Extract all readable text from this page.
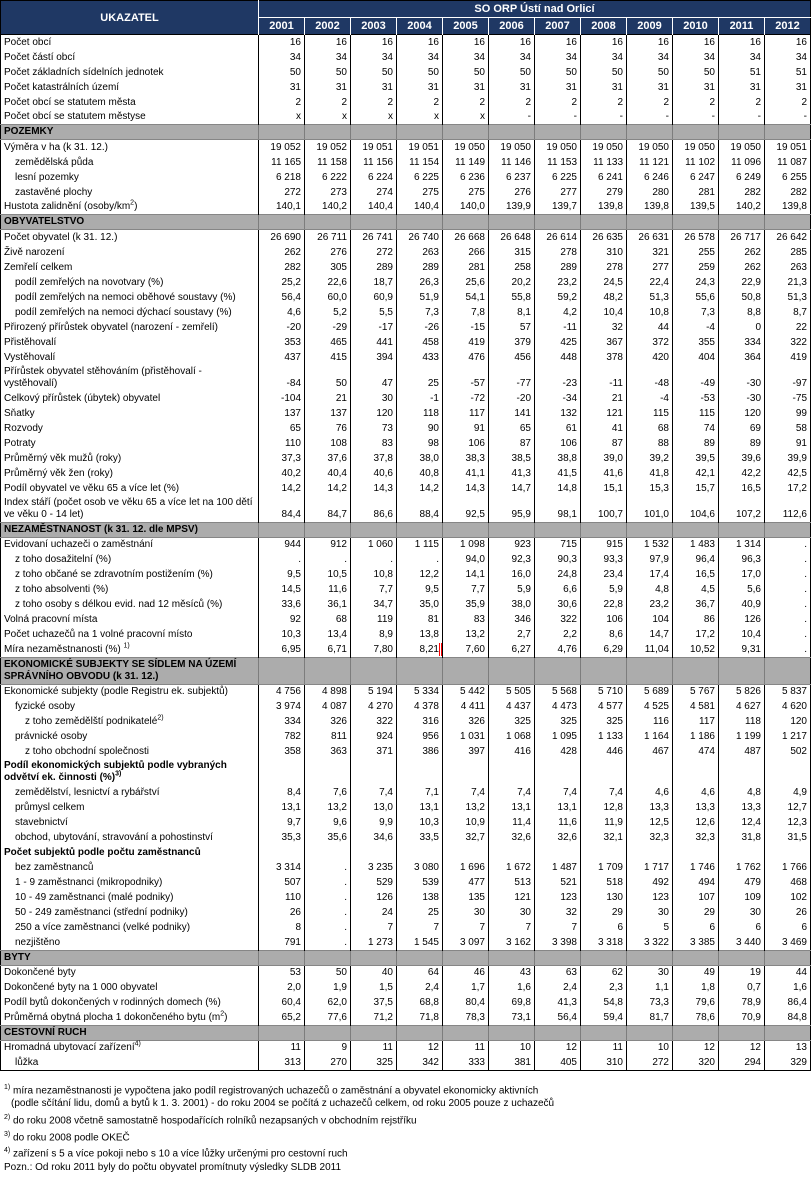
UKAZATEL	SO ORP Ústí nad Orlicí											
	2001	2002	2003	2004	2005	2006	2007	2008	2009	2010	2011	2012
Počet obcí	16	16	16	16	16	16	16	16	16	16	16	16
Počet částí obcí	34	34	34	34	34	34	34	34	34	34	34	34
Počet základních sídelních jednotek	50	50	50	50	50	50	50	50	50	50	51	51
Počet katastrálních území	31	31	31	31	31	31	31	31	31	31	31	31
Počet obcí se statutem města	2	2	2	2	2	2	2	2	2	2	2	2
Počet obcí se statutem městyse	x	x	x	x	x	-	-	-	-	-	-	-
POZEMKY												
Výměra v ha (k 31. 12.)	19 052	19 052	19 051	19 051	19 050	19 050	19 050	19 050	19 050	19 050	19 050	19 051
zemědělská půda	11 165	11 158	11 156	11 154	11 149	11 146	11 153	11 133	11 121	11 102	11 096	11 087
lesní pozemky	6 218	6 222	6 224	6 225	6 236	6 237	6 225	6 241	6 246	6 247	6 249	6 255
zastavěné plochy	272	273	274	275	275	276	277	279	280	281	282	282
Hustota zalidnění $(osoby/km^2)$	140,1	140,2	140,4	140,4	140,0	139,9	139,7	139,8	139,8	139,5	140,2	139,8
OBYVATELSTVO												
Počet obyvatel (k 31. 12.)	26 690	26 711	26 741	26 740	26 668	26 648	26 614	26 635	26 631	26 578	26 717	26 642
Živě narození	262	276	272	263	266	315	278	310	321	255	262	285
Zemřelí celkem	282	305	289	289	281	258	289	278	277	259	262	263
podíl zemřelých na novotvary (%)	25,2	22,6	18,7	26,3	25,6	20,2	23,2	24,5	22,4	24,3	22,9	21,3
podíl zemřelých na nemoci oběhové soustavy (%)	56,4	60,0	60,9	51,9	54,1	55,8	59,2	48,2	51,3	55,6	50,8	51,3
podíl zemřelých na nemoci dýchací soustavy (%)	4,6	5,2	5,5	7,3	7,8	8,1	4,2	10,4	10,8	7,3	8,8	8,7
Přirozený přírůstek obyvatel (narození - zemřelí)	-20	-29	-17	-26	-15	57	-11	32	44	-4	0	22
Přistěhovalí	353	465	441	458	419	379	425	367	372	355	334	322
Vystěhovalí	437	415	394	433	476	456	448	378	420	404	364	419
Přírůstek obyvatel stěhováním (přistěhovalí - vystěhovalí)	-84	50	47	25	-57	-77	-23	-11	-48	-49	-30	-97
Celkový přírůstek (úbytek) obyvatel	-104	21	30	-1	-72	-20	-34	21	-4	-53	-30	-75
Sňatky	137	137	120	118	117	141	132	121	115	115	120	99
Rozvody	65	76	73	90	91	65	61	41	68	74	69	58
Potraty	110	108	83	98	106	87	106	87	88	89	89	91
Průměrný věk mužů (roky)	37,3	37,6	37,8	38,0	38,3	38,5	38,8	39,0	39,2	39,5	39,6	39,9
Průměrný věk žen (roky)	40,2	40,4	40,6	40,8	41,1	41,3	41,5	41,6	41,8	42,1	42,2	42,5
Podíl obyvatel ve věku 65 a více let (%)	14,2	14,2	14,3	14,2	14,3	14,7	14,8	15,1	15,3	15,7	16,5	17,2
Index stáří (počet osob ve věku 65 a více let na 100 dětí ve věku 0 - 14 let)	84,4	84,7	86,6	88,4	92,5	95,9	98,1	100,7	101,0	104,6	107,2	112,6
NEZAMĚSTNANOST (k 31. 12. dle MPSV)												
Evidovaní uchazeči o zaměstnání	944	912	1 060	1 115	1 098	923	715	915	1 532	1 483	1 314	.
z toho dosažitelní (%)	.	.	.	.	94,0	92,3	90,3	93,3	97,9	96,4	96,3	.
z toho občané se zdravotním postižením (%)	9,5	10,5	10,8	12,2	14,1	16,0	24,8	23,4	17,4	16,5	17,0	.
z toho absolventi (%)	14,5	11,6	7,7	9,5	7,7	5,9	6,6	5,9	4,8	4,5	5,6	.
z toho osoby s délkou evid. nad 12 měsíců (%)	33,6	36,1	34,7	35,0	35,9	38,0	30,6	22,8	23,2	36,7	40,9	.
Volná pracovní místa	92	68	119	81	83	346	322	106	104	86	126	.
Počet uchazečů na 1 volné pracovní místo	10,3	13,4	8,9	13,8	13,2	2,7	2,2	8,6	14,7	17,2	10,4	.
Míra nezaměstnanosti (%) $^{1)}$	6,95	6,71	7,80	8,21	7,60	6,27	4,76	6,29	11,04	10,52	9,31	.
EKONOMICKÉ SUBJEKTY SE SÍDLEM NA ÚZEMÍ SPRÁVNÍHO OBVODU (k 31. 12.)												
Ekonomické subjekty (podle Registru ek. subjektů)	4 756	4 898	5 194	5 334	5 442	5 505	5 568	5 710	5 689	5 767	5 826	5 837
fyzické osoby	3 974	4 087	4 270	4 378	4 411	4 437	4 473	4 577	4 525	4 581	4 627	4 620
z toho zemědělští podnikatelé$^{2)}$	334	326	322	316	326	325	325	325	116	117	118	120
právnické osoby	782	811	924	956	1 031	1 068	1 095	1 133	1 164	1 186	1 199	1 217
z toho obchodní společnosti	358	363	371	386	397	416	428	446	467	474	487	502
Podíl ekonomických subjektů podle vybraných odvětví ek. činnosti (%)$^{3)}$												
zemědělství, lesnictví a rybářství	8,4	7,6	7,4	7,1	7,4	7,4	7,4	7,4	4,6	4,6	4,8	4,9
průmysl celkem	13,1	13,2	13,0	13,1	13,2	13,1	13,1	12,8	13,3	13,3	13,3	12,7
stavebnictví	9,7	9,6	9,9	10,3	10,9	11,4	11,6	11,9	12,5	12,6	12,4	12,3
obchod, ubytování, stravování a pohostinství	35,3	35,6	34,6	33,5	32,7	32,6	32,6	32,1	32,3	32,3	31,8	31,5
Počet subjektů podle počtu zaměstnanců												
bez zaměstnanců	3 314	.	3 235	3 080	1 696	1 672	1 487	1 709	1 717	1 746	1 762	1 766
1 - 9 zaměstnanci (mikropodniky)	507	.	529	539	477	513	521	518	492	494	479	468
10 - 49 zaměstnanci (malé podniky)	110	.	126	138	135	121	123	130	123	107	109	102
50 - 249 zaměstnanci (střední podniky)	26	.	24	25	30	30	32	29	30	29	30	26
250 a více zaměstnanci (velké podniky)	8	.	7	7	7	7	7	6	5	6	6	6
nezjištěno	791	.	1 273	1 545	3 097	3 162	3 398	3 318	3 322	3 385	3 440	3 469
BYTY												
Dokončené byty	53	50	40	64	46	43	63	62	30	49	19	44
Dokončené byty na 1 000 obyvatel	2,0	1,9	1,5	2,4	1,7	1,6	2,4	2,3	1,1	1,8	0,7	1,6
Podíl bytů dokončených v rodinných domech (%)	60,4	62,0	37,5	68,8	80,4	69,8	41,3	54,8	73,3	79,6	78,9	86,4
Průměrná obytná plocha 1 dokončeného bytu $(m^2)$	65,2	77,6	71,2	71,8	78,3	73,1	56,4	59,4	81,7	78,6	70,9	84,8
CESTOVNÍ RUCH												
Hromadná ubytovací zařízení$^{4)}$	11	9	11	12	11	10	12	11	10	12	12	13
lůžka	313	270	325	342	333	381	405	310	272	320	294	329
$^{1)}$ míra nezaměstnanosti je vypočtena jako podíl registrovaných uchazečů o zaměstnání a obyvatel ekonomicky aktivních
(podle sčítání lidu, domů a bytů k 1. 3. 2001) - do roku 2004 se počítá z uchazečů celkem, od roku 2005 pouze z uchazečů
$^{2)}$ do roku 2008 včetně samostatně hospodařících rolníků nezapsaných v obchodním rejstříku
$^{3)}$ do roku 2008 podle OKEČ
$^{4)}$ zařízení s 5 a více pokoji nebo s 10 a více lůžky určenými pro cestovní ruch
Pozn.: Od roku 2011 byly do počtu obyvatel promítnuty výsledky SLDB 2011
